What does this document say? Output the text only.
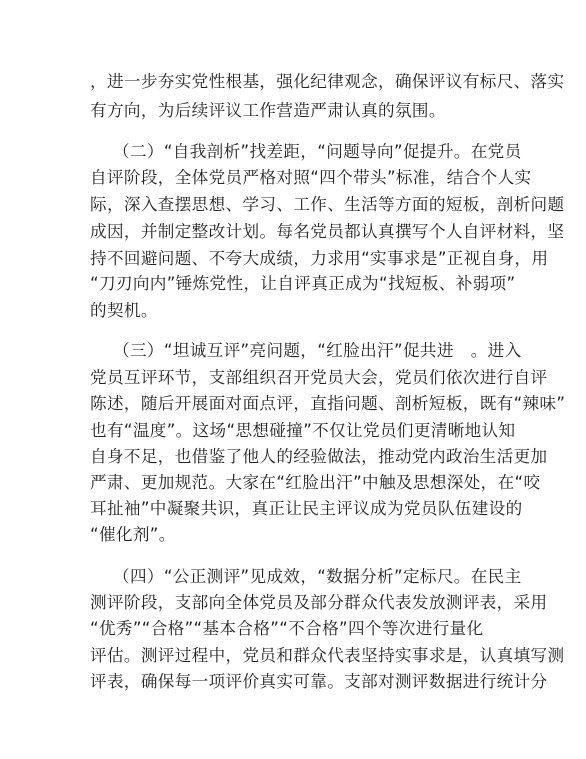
，进一步夯实党性根基，强化纪律观念，确保评议有标尺、落实
有方向，为后续评议工作营造严肃认真的氛围。
（二）“自我剖析”找差距，“问题导向”促提升。在党员
自评阶段，全体党员严格对照“四个带头”标准，结合个人实
际，深入查摆思想、学习、工作、生活等方面的短板，剖析问题
成因，并制定整改计划。每名党员都认真撰写个人自评材料，坚
持不回避问题、不夸大成绩，力求用“实事求是”正视自身，用
“刀刃向内”锤炼党性，让自评真正成为“找短板、补弱项”
的契机。
（三）“坦诚互评”亮问题，“红脸出汗”促共进　。进入
党员互评环节，支部组织召开党员大会，党员们依次进行自评
陈述，随后开展面对面点评，直指问题、剖析短板，既有“辣味”
也有“温度”。这场“思想碰撞”不仅让党员们更清晰地认知
自身不足，也借鉴了他人的经验做法，推动党内政治生活更加
严肃、更加规范。大家在“红脸出汗”中触及思想深处，在“咬
耳扯袖”中凝聚共识，真正让民主评议成为党员队伍建设的
“催化剂”。
（四）“公正测评”见成效，“数据分析”定标尺。在民主
测评阶段，支部向全体党员及部分群众代表发放测评表，采用
“优秀”“合格”“基本合格”“不合格”四个等次进行量化
评估。测评过程中，党员和群众代表坚持实事求是，认真填写测
评表，确保每一项评价真实可靠。支部对测评数据进行统计分
